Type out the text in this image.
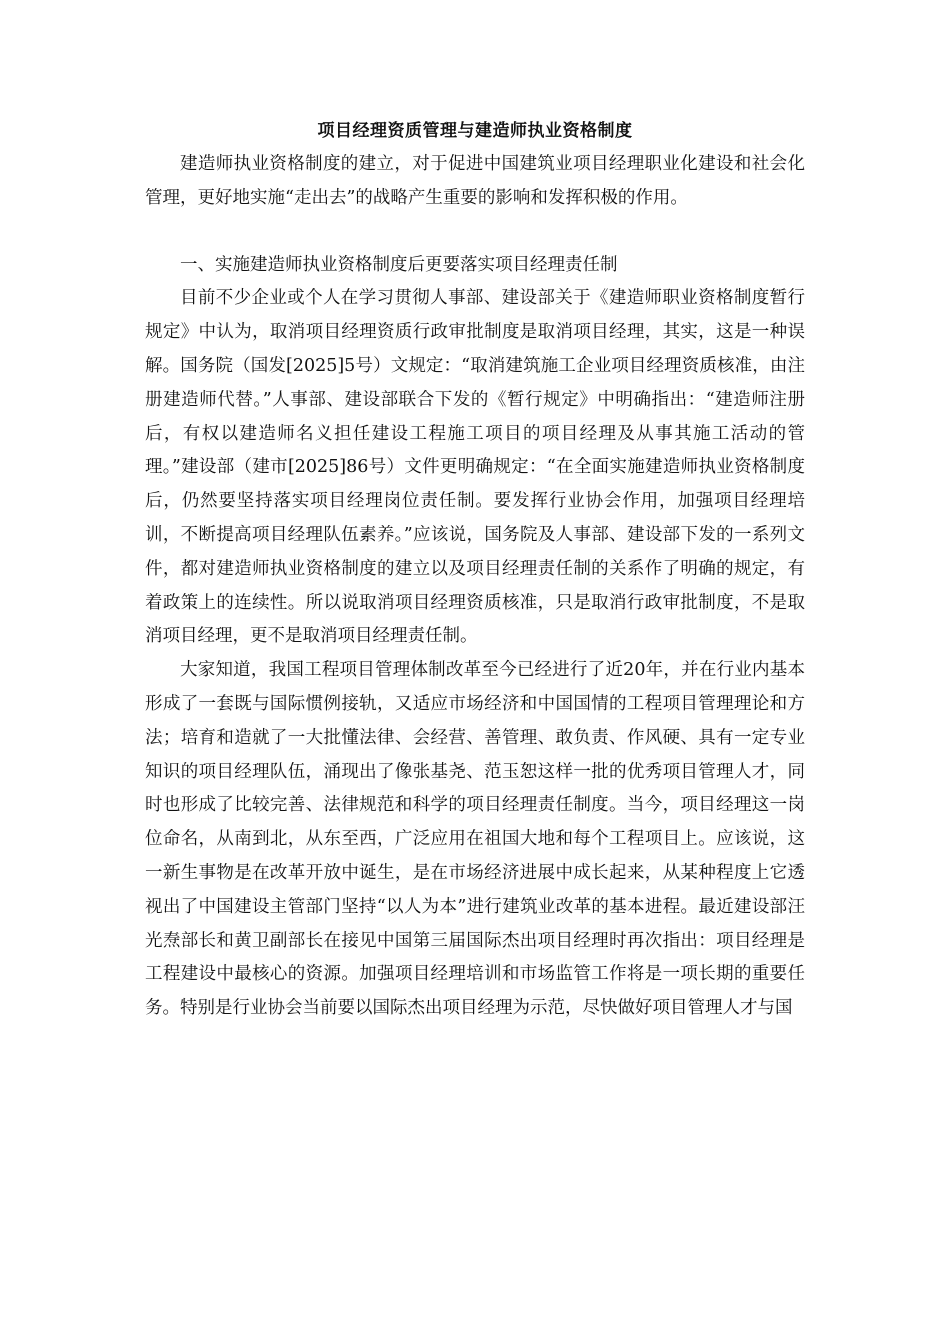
项目经理资质管理与建造师执业资格制度

建造师执业资格制度的建立，对于促进中国建筑业项目经理职业化建设和社会化管理，更好地实施“走出去”的战略产生重要的影响和发挥积极的作用。

一、实施建造师执业资格制度后更要落实项目经理责任制

目前不少企业或个人在学习贯彻人事部、建设部关于《建造师职业资格制度暂行规定》中认为，取消项目经理资质行政审批制度是取消项目经理，其实，这是一种误解。国务院（国发[2025]5号）文规定：“取消建筑施工企业项目经理资质核准，由注册建造师代替。”人事部、建设部联合下发的《暂行规定》中明确指出：“建造师注册后，有权以建造师名义担任建设工程施工项目的项目经理及从事其施工活动的管理。”建设部（建市[2025]86号）文件更明确规定：“在全面实施建造师执业资格制度后，仍然要坚持落实项目经理岗位责任制。要发挥行业协会作用，加强项目经理培训，不断提高项目经理队伍素养。”应该说，国务院及人事部、建设部下发的一系列文件，都对建造师执业资格制度的建立以及项目经理责任制的关系作了明确的规定，有着政策上的连续性。所以说取消项目经理资质核准，只是取消行政审批制度，不是取消项目经理，更不是取消项目经理责任制。

大家知道，我国工程项目管理体制改革至今已经进行了近20年，并在行业内基本形成了一套既与国际惯例接轨，又适应市场经济和中国国情的工程项目管理理论和方法；培育和造就了一大批懂法律、会经营、善管理、敢负责、作风硬、具有一定专业知识的项目经理队伍，涌现出了像张基尧、范玉恕这样一批的优秀项目管理人才，同时也形成了比较完善、法律规范和科学的项目经理责任制度。当今，项目经理这一岗位命名，从南到北，从东至西，广泛应用在祖国大地和每个工程项目上。应该说，这一新生事物是在改革开放中诞生，是在市场经济进展中成长起来，从某种程度上它透视出了中国建设主管部门坚持“以人为本”进行建筑业改革的基本进程。最近建设部汪光焘部长和黄卫副部长在接见中国第三届国际杰出项目经理时再次指出：项目经理是工程建设中最核心的资源。加强项目经理培训和市场监管工作将是一项长期的重要任务。特别是行业协会当前要以国际杰出项目经理为示范，尽快做好项目管理人才与国
